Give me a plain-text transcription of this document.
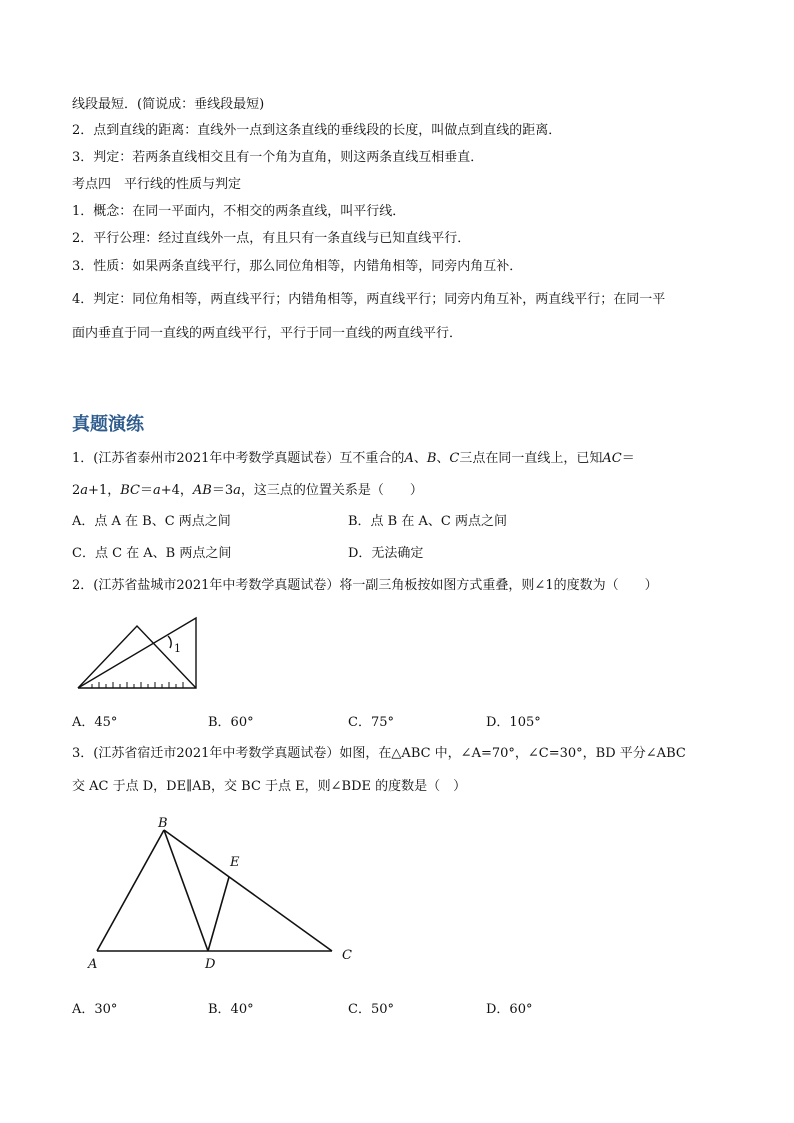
线段最短．(简说成：垂线段最短)
2．点到直线的距离：直线外一点到这条直线的垂线段的长度，叫做点到直线的距离．
3．判定：若两条直线相交且有一个角为直角，则这两条直线互相垂直．
考点四　平行线的性质与判定
1．概念：在同一平面内，不相交的两条直线，叫平行线．
2．平行公理：经过直线外一点，有且只有一条直线与已知直线平行．
3．性质：如果两条直线平行，那么同位角相等，内错角相等，同旁内角互补．
4．判定：同位角相等，两直线平行；内错角相等，两直线平行；同旁内角互补，两直线平行；在同一平
面内垂直于同一直线的两直线平行，平行于同一直线的两直线平行．
真题演练
1．(江苏省泰州市2021年中考数学真题试卷）互不重合的A、B、C三点在同一直线上，已知AC＝
2a+1，BC＝a+4，AB＝3a，这三点的位置关系是（　　）
A．点 A 在 B、C 两点之间	B．点 B 在 A、C 两点之间
C．点 C 在 A、B 两点之间	D．无法确定
2．(江苏省盐城市2021年中考数学真题试卷）将一副三角板按如图方式重叠，则∠1的度数为（　　）
1
A．45°	B．60°	C．75°	D．105°
3．(江苏省宿迁市2021年中考数学真题试卷）如图，在△ABC 中，∠A=70°，∠C=30°，BD 平分∠ABC
交 AC 于点 D，DE∥AB，交 BC 于点 E，则∠BDE 的度数是（　）
A
B
C
D
E
A．30°	B．40°	C．50°	D．60°
